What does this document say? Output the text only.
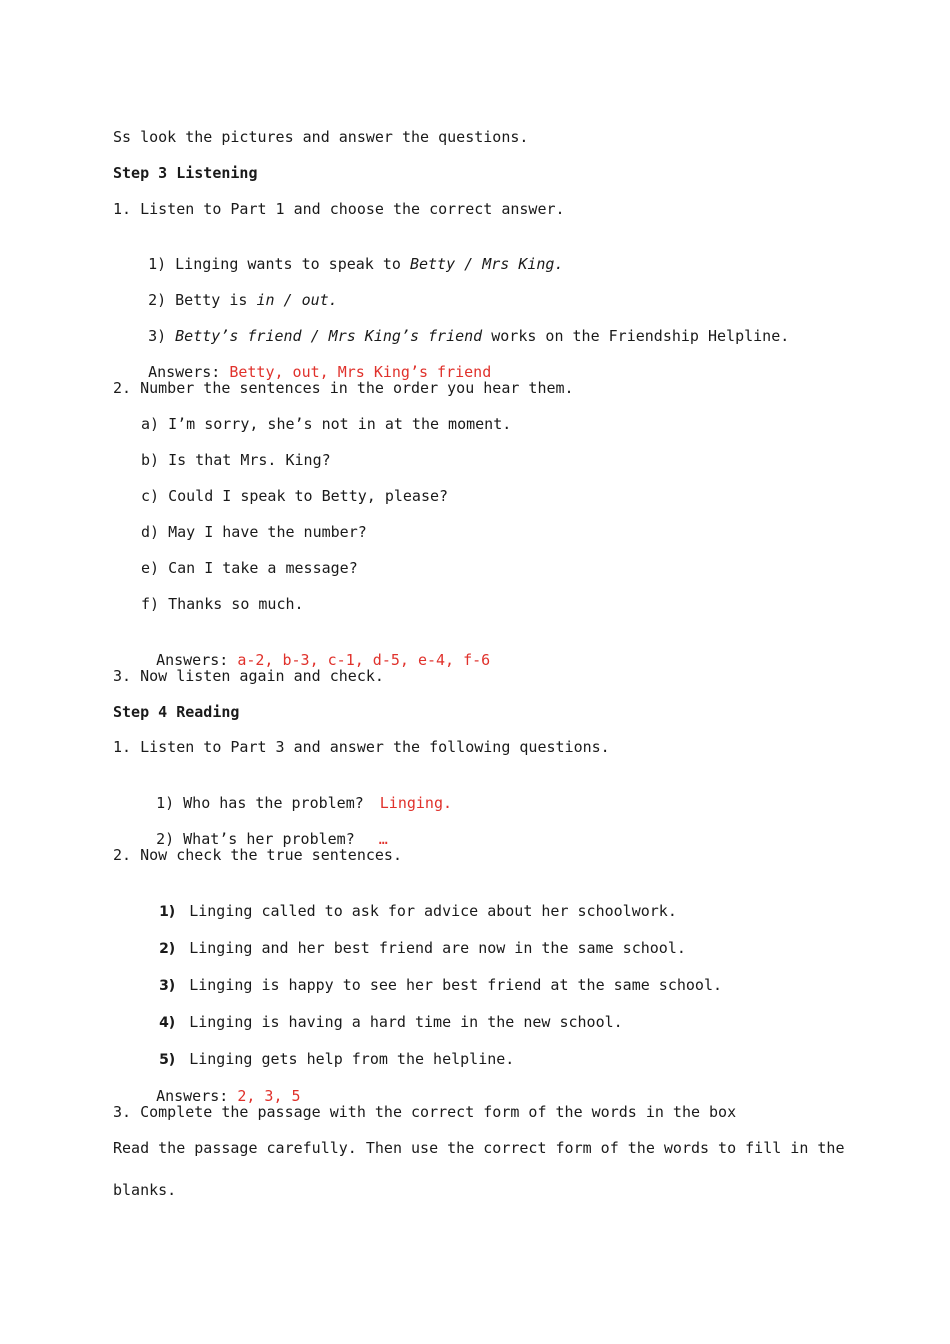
Ss look the pictures and answer the questions.
Step 3 Listening
1. Listen to Part 1 and choose the correct answer.

1) Linging wants to speak to Betty / Mrs King.

2) Betty is in / out.

3) Betty’s friend / Mrs King’s friend works on the Friendship Helpline.

Answers: Betty, out, Mrs King’s friend

2. Number the sentences in the order you hear them.
a) I’m sorry, she’s not in at the moment.
b) Is that Mrs. King?
c) Could I speak to Betty, please?
d) May I have the number?
e) Can I take a message?
f) Thanks so much.

Answers: a-2, b-3, c-1, d-5, e-4, f-6

3. Now listen again and check.
Step 4 Reading
1. Listen to Part 3 and answer the following questions.

1) Who has the problem? Linging.

2) What’s her problem? …

2. Now check the true sentences.

1) Linging called to ask for advice about her schoolwork.

2) Linging and her best friend are now in the same school.

3) Linging is happy to see her best friend at the same school.

4) Linging is having a hard time in the new school.

5) Linging gets help from the helpline.

Answers: 2, 3, 5

3. Complete the passage with the correct form of the words in the box
Read the passage carefully. Then use the correct form of the words to fill in the
blanks.
